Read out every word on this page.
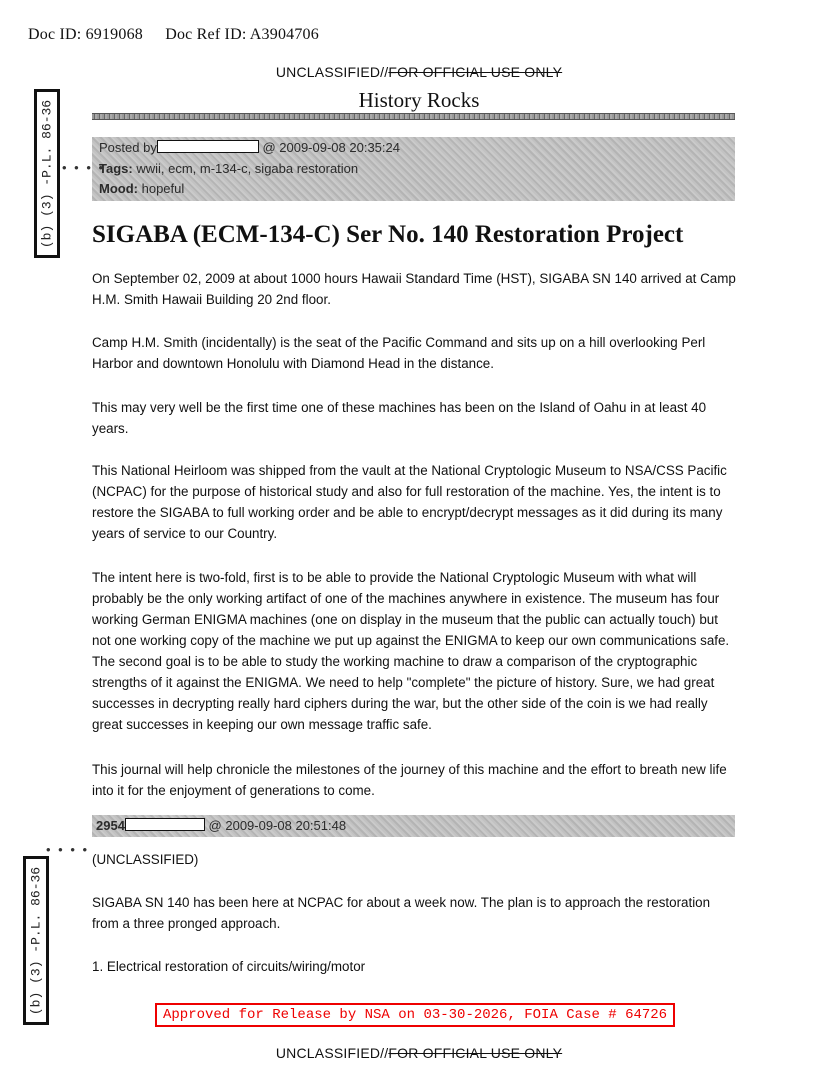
Doc ID: 6919068 Doc Ref ID: A3904706
UNCLASSIFIED//FOR OFFICIAL USE ONLY
History Rocks
(b) (3) -P.L. 86-36	Posted by	@ 2009-09-08 20:35:24
Tags: wwii, ecm, m-134-c, sigaba restoration
Mood: hopeful
• • • •
SIGABA (ECM-134-C) Ser No. 140 Restoration Project

On September 02, 2009 at about 1000 hours Hawaii Standard Time (HST), SIGABA SN 140 arrived at Camp H.M. Smith Hawaii Building 20 2nd floor.

Camp H.M. Smith (incidentally) is the seat of the Pacific Command and sits up on a hill overlooking Perl Harbor and downtown Honolulu with Diamond Head in the distance.

This may very well be the first time one of these machines has been on the Island of Oahu in at least 40 years.

This National Heirloom was shipped from the vault at the National Cryptologic Museum to NSA/CSS Pacific (NCPAC) for the purpose of historical study and also for full restoration of the machine. Yes, the intent is to restore the SIGABA to full working order and be able to encrypt/decrypt messages as it did during its many years of service to our Country.

The intent here is two-fold, first is to be able to provide the National Cryptologic Museum with what will probably be the only working artifact of one of the machines anywhere in existence. The museum has four working German ENIGMA machines (one on display in the museum that the public can actually touch) but not one working copy of the machine we put up against the ENIGMA to keep our own communications safe. The second goal is to be able to study the working machine to draw a comparison of the cryptographic strengths of it against the ENIGMA. We need to help "complete" the picture of history. Sure, we had great successes in decrypting really hard ciphers during the war, but the other side of the coin is we had really great successes in keeping our own message traffic safe.

This journal will help chronicle the milestones of the journey of this machine and the effort to breath new life into it for the enjoyment of generations to come.

2954	@ 2009-09-08 20:51:48
• • • •

(UNCLASSIFIED)

SIGABA SN 140 has been here at NCPAC for about a week now. The plan is to approach the restoration from a three pronged approach.

1. Electrical restoration of circuits/wiring/motor

(b) (3) -P.L. 86-36
Approved for Release by NSA on 03-30-2026, FOIA Case # 64726
UNCLASSIFIED//FOR OFFICIAL USE ONLY
